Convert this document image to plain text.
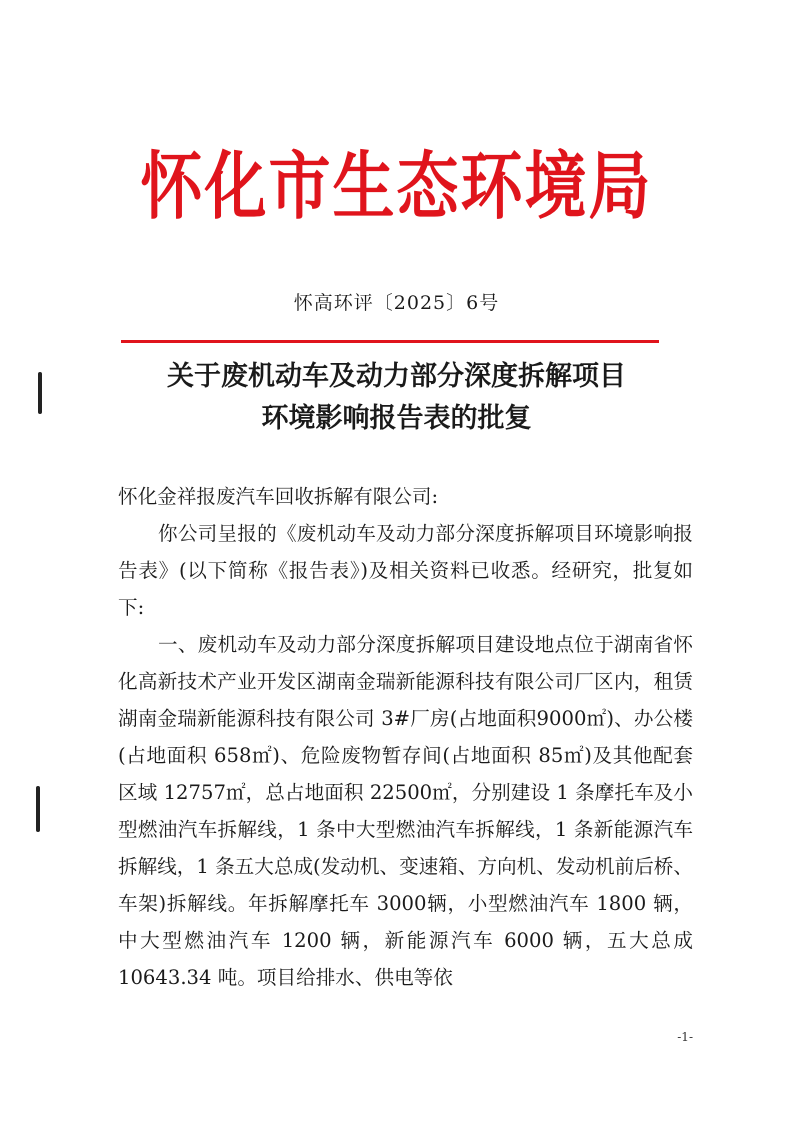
怀化市生态环境局
怀高环评〔2025〕6号
关于废机动车及动力部分深度拆解项目
环境影响报告表的批复

怀化金祥报废汽车回收拆解有限公司:

你公司呈报的《废机动车及动力部分深度拆解项目环境影响报告表》(以下简称《报告表》)及相关资料已收悉。经研究，批复如下:

一、废机动车及动力部分深度拆解项目建设地点位于湖南省怀化高新技术产业开发区湖南金瑞新能源科技有限公司厂区内，租赁湖南金瑞新能源科技有限公司 3#厂房(占地面积9000㎡)、办公楼(占地面积 658㎡)、危险废物暂存间(占地面积 85㎡)及其他配套区域 12757㎡，总占地面积 22500㎡，分别建设 1 条摩托车及小型燃油汽车拆解线，1 条中大型燃油汽车拆解线，1 条新能源汽车拆解线，1 条五大总成(发动机、变速箱、方向机、发动机前后桥、车架)拆解线。年拆解摩托车 3000辆，小型燃油汽车 1800 辆，中大型燃油汽车 1200 辆，新能源汽车 6000 辆，五大总成 10643.34 吨。项目给排水、供电等依

-1-
